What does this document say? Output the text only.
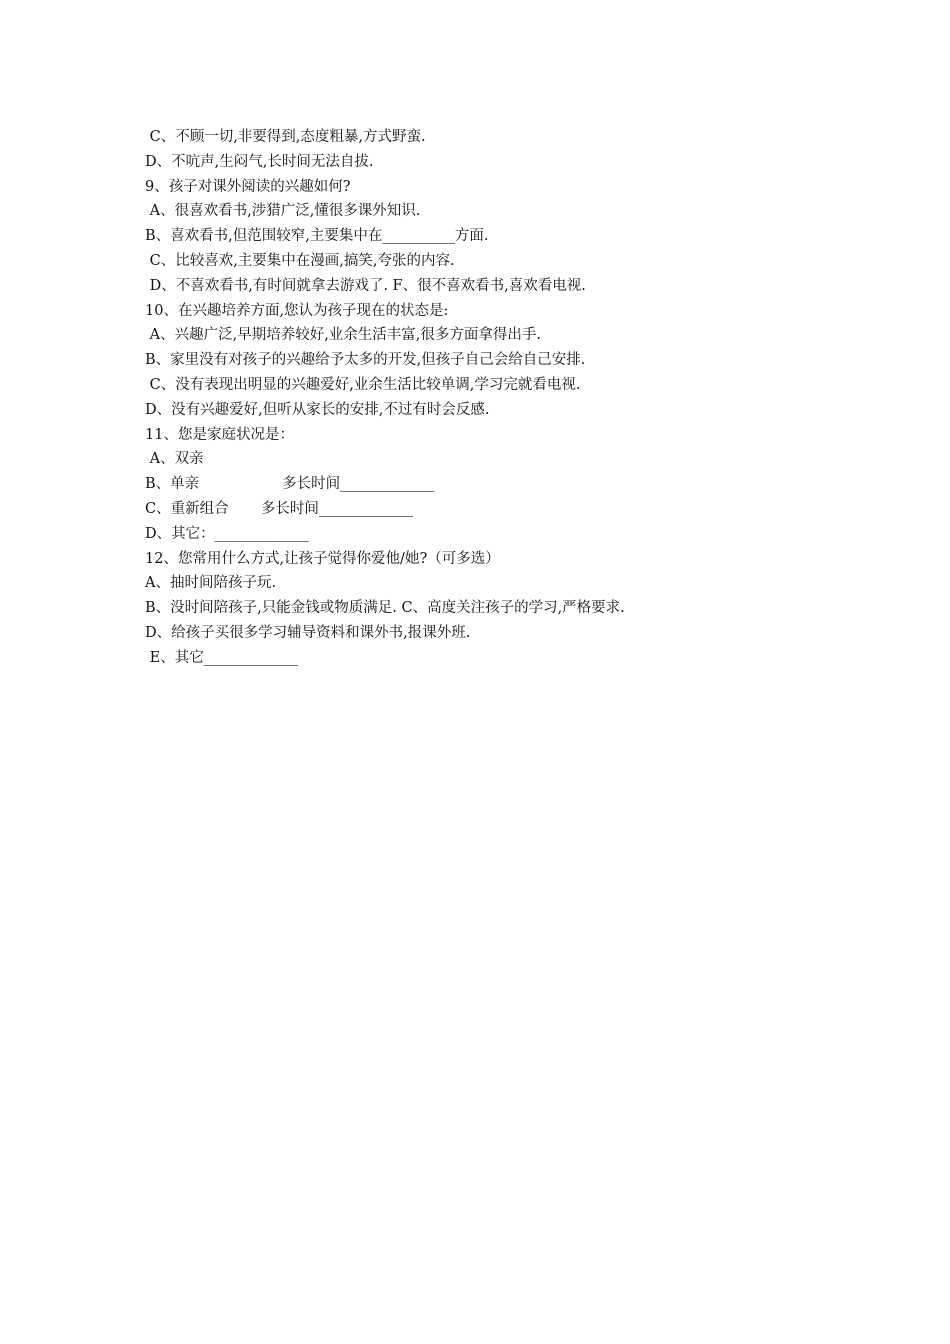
C、不顾一切,非要得到,态度粗暴,方式野蛮.
D、不吭声,生闷气,长时间无法自拔.
9、孩子对课外阅读的兴趣如何?
A、很喜欢看书,涉猎广泛,懂很多课外知识.
B、喜欢看书,但范围较窄,主要集中在__________方面.
C、比较喜欢,主要集中在漫画,搞笑,夸张的内容.
D、不喜欢看书,有时间就拿去游戏了. F、很不喜欢看书,喜欢看电视.
10、在兴趣培养方面,您认为孩子现在的状态是:
A、兴趣广泛,早期培养较好,业余生活丰富,很多方面拿得出手.
B、家里没有对孩子的兴趣给予太多的开发,但孩子自己会给自己安排.
C、没有表现出明显的兴趣爱好,业余生活比较单调,学习完就看电视.
D、没有兴趣爱好,但听从家长的安排,不过有时会反感.
11、您是家庭状况是：
A、双亲
B、单亲                  多长时间_____________
C、重新组合       多长时间_____________
D、其它：_____________
12、您常用什么方式,让孩子觉得你爱他/她?（可多选）
A、抽时间陪孩子玩.
B、没时间陪孩子,只能金钱或物质满足. C、高度关注孩子的学习,严格要求.
D、给孩子买很多学习辅导资料和课外书,报课外班.
E、其它_____________
